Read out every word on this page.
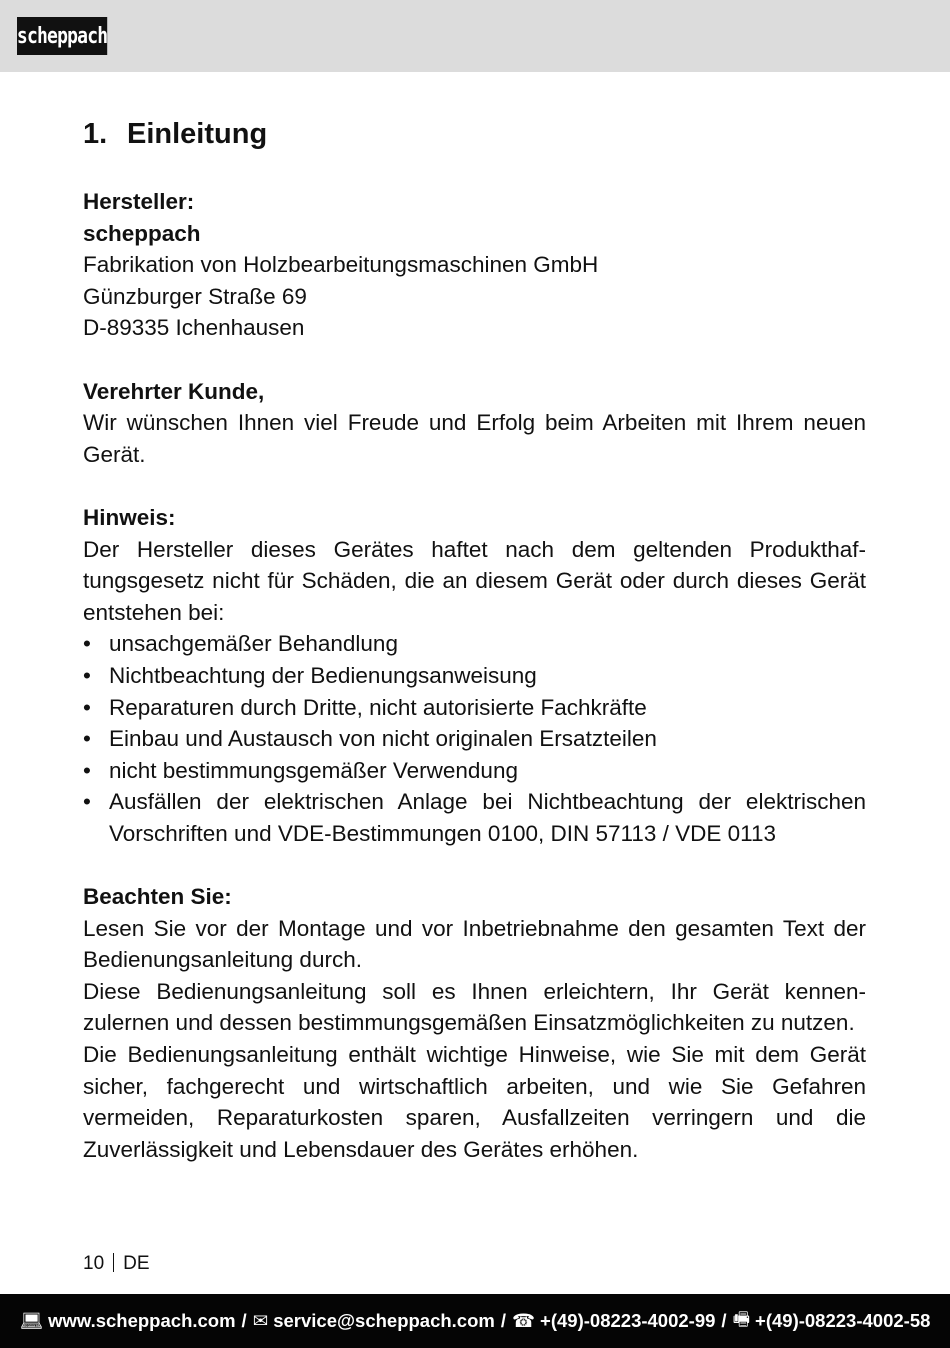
scheppach
1. Einleitung
Hersteller:
scheppach
Fabrikation von Holzbearbeitungsmaschinen GmbH
Günzburger Straße 69
D-89335 Ichenhausen
Verehrter Kunde,
Wir wünschen Ihnen viel Freude und Erfolg beim Arbeiten mit Ihrem neuen Gerät.
Hinweis:
Der Hersteller dieses Gerätes haftet nach dem geltenden Produkthaftungsgesetz nicht für Schäden, die an diesem Gerät oder durch dieses Gerät entstehen bei:
• unsachgemäßer Behandlung
• Nichtbeachtung der Bedienungsanweisung
• Reparaturen durch Dritte, nicht autorisierte Fachkräfte
• Einbau und Austausch von nicht originalen Ersatzteilen
• nicht bestimmungsgemäßer Verwendung
• Ausfällen der elektrischen Anlage bei Nichtbeachtung der elektrischen Vorschriften und VDE-Bestimmungen 0100, DIN 57113 / VDE 0113
Beachten Sie:
Lesen Sie vor der Montage und vor Inbetriebnahme den gesamten Text der Bedienungsanleitung durch.
Diese Bedienungsanleitung soll es Ihnen erleichtern, Ihr Gerät kennenzulernen und dessen bestimmungsgemäßen Einsatzmöglichkeiten zu nutzen.
Die Bedienungsanleitung enthält wichtige Hinweise, wie Sie mit dem Gerät sicher, fachgerecht und wirtschaftlich arbeiten, und wie Sie Gefahren vermeiden, Reparaturkosten sparen, Ausfallzeiten verringern und die Zuverlässigkeit und Lebensdauer des Gerätes erhöhen.
10 DE
💻︎ www.scheppach.com / ✉︎ service@scheppach.com / ☎︎ +(49)-08223-4002-99 / 🖷︎ +(49)-08223-4002-58
